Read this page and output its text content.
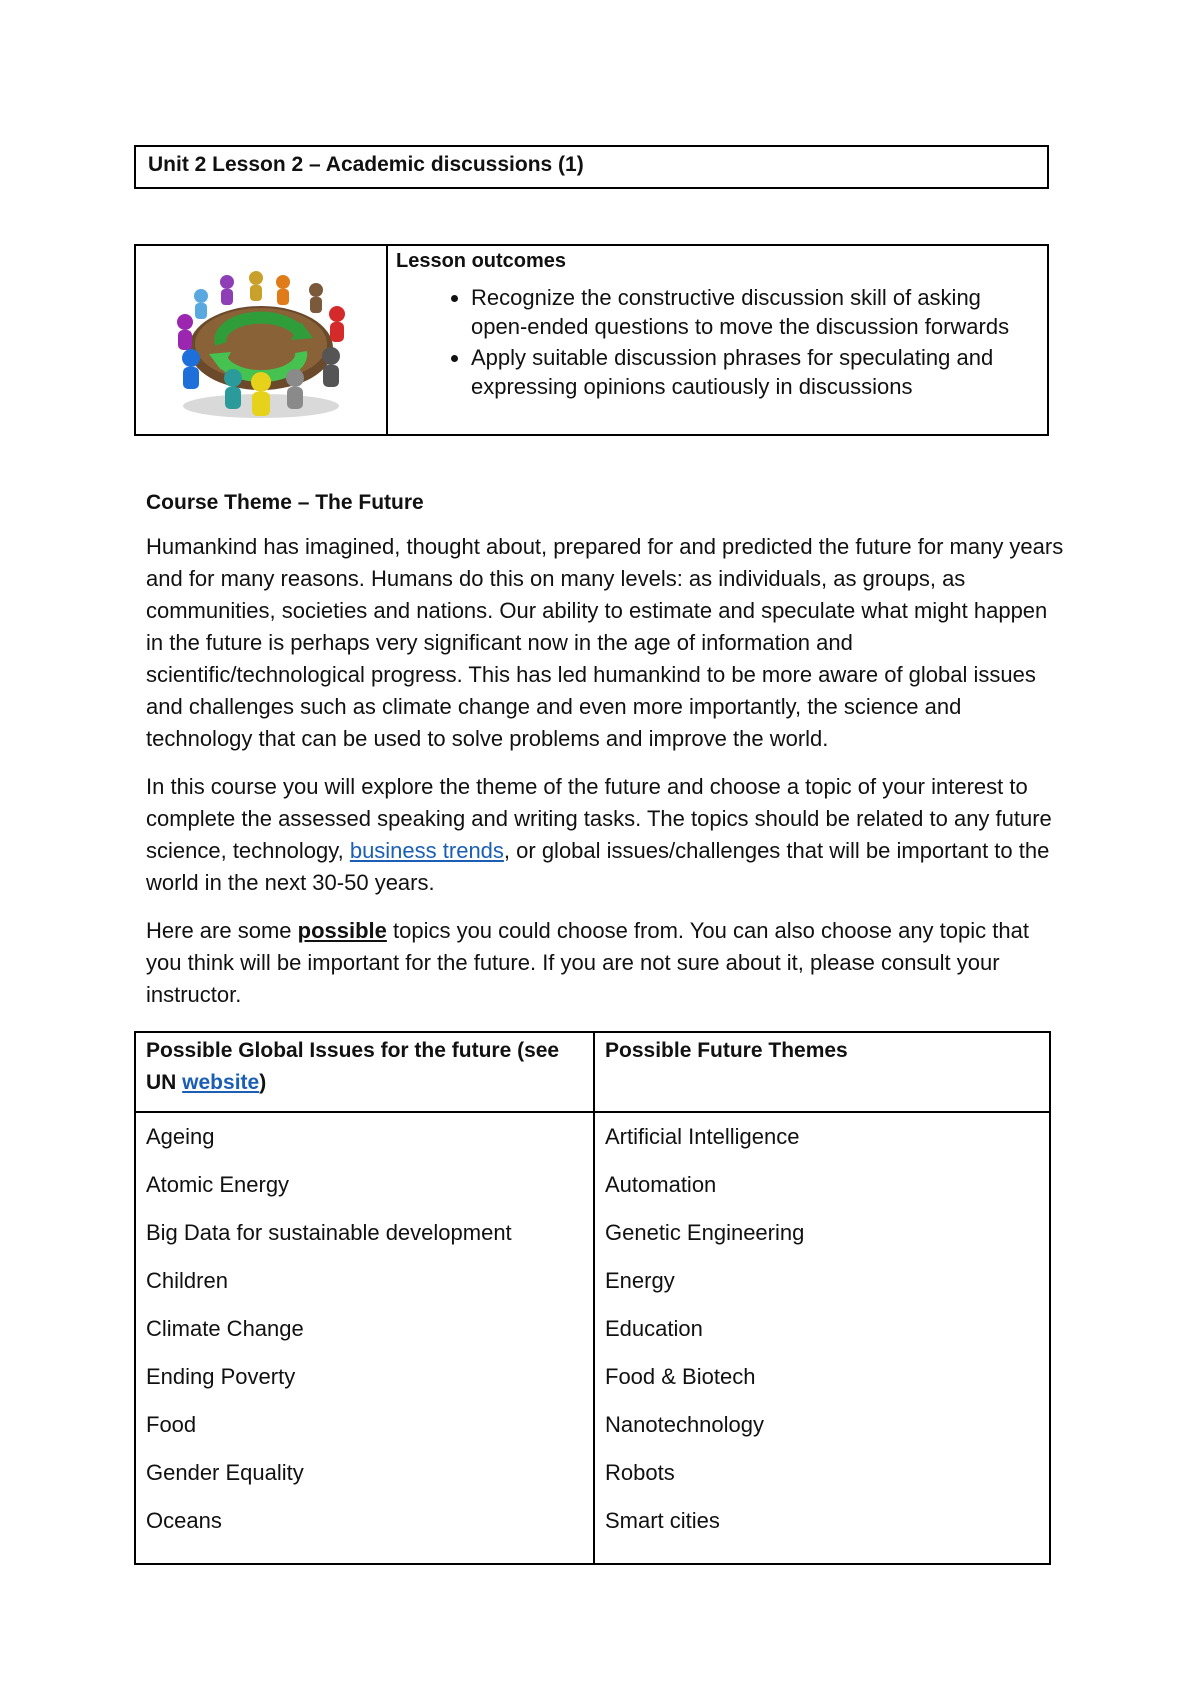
Unit 2 Lesson 2 – Academic discussions (1)
Lesson outcomes
• Recognize the constructive discussion skill of asking open-ended questions to move the discussion forwards
• Apply suitable discussion phrases for speculating and expressing opinions cautiously in discussions
Course Theme – The Future

Humankind has imagined, thought about, prepared for and predicted the future for many years and for many reasons. Humans do this on many levels: as individuals, as groups, as communities, societies and nations. Our ability to estimate and speculate what might happen in the future is perhaps very significant now in the age of information and scientific/technological progress. This has led humankind to be more aware of global issues and challenges such as climate change and even more importantly, the science and technology that can be used to solve problems and improve the world.

In this course you will explore the theme of the future and choose a topic of your interest to complete the assessed speaking and writing tasks. The topics should be related to any future science, technology, business trends, or global issues/challenges that will be important to the world in the next 30-50 years.

Here are some possible topics you could choose from. You can also choose any topic that you think will be important for the future. If you are not sure about it, please consult your instructor.

Possible Global Issues for the future (see UN website)
Possible Future Themes
Ageing
Atomic Energy
Big Data for sustainable development
Children
Climate Change
Ending Poverty
Food
Gender Equality
Oceans
Artificial Intelligence
Automation
Genetic Engineering
Energy
Education
Food & Biotech
Nanotechnology
Robots
Smart cities
